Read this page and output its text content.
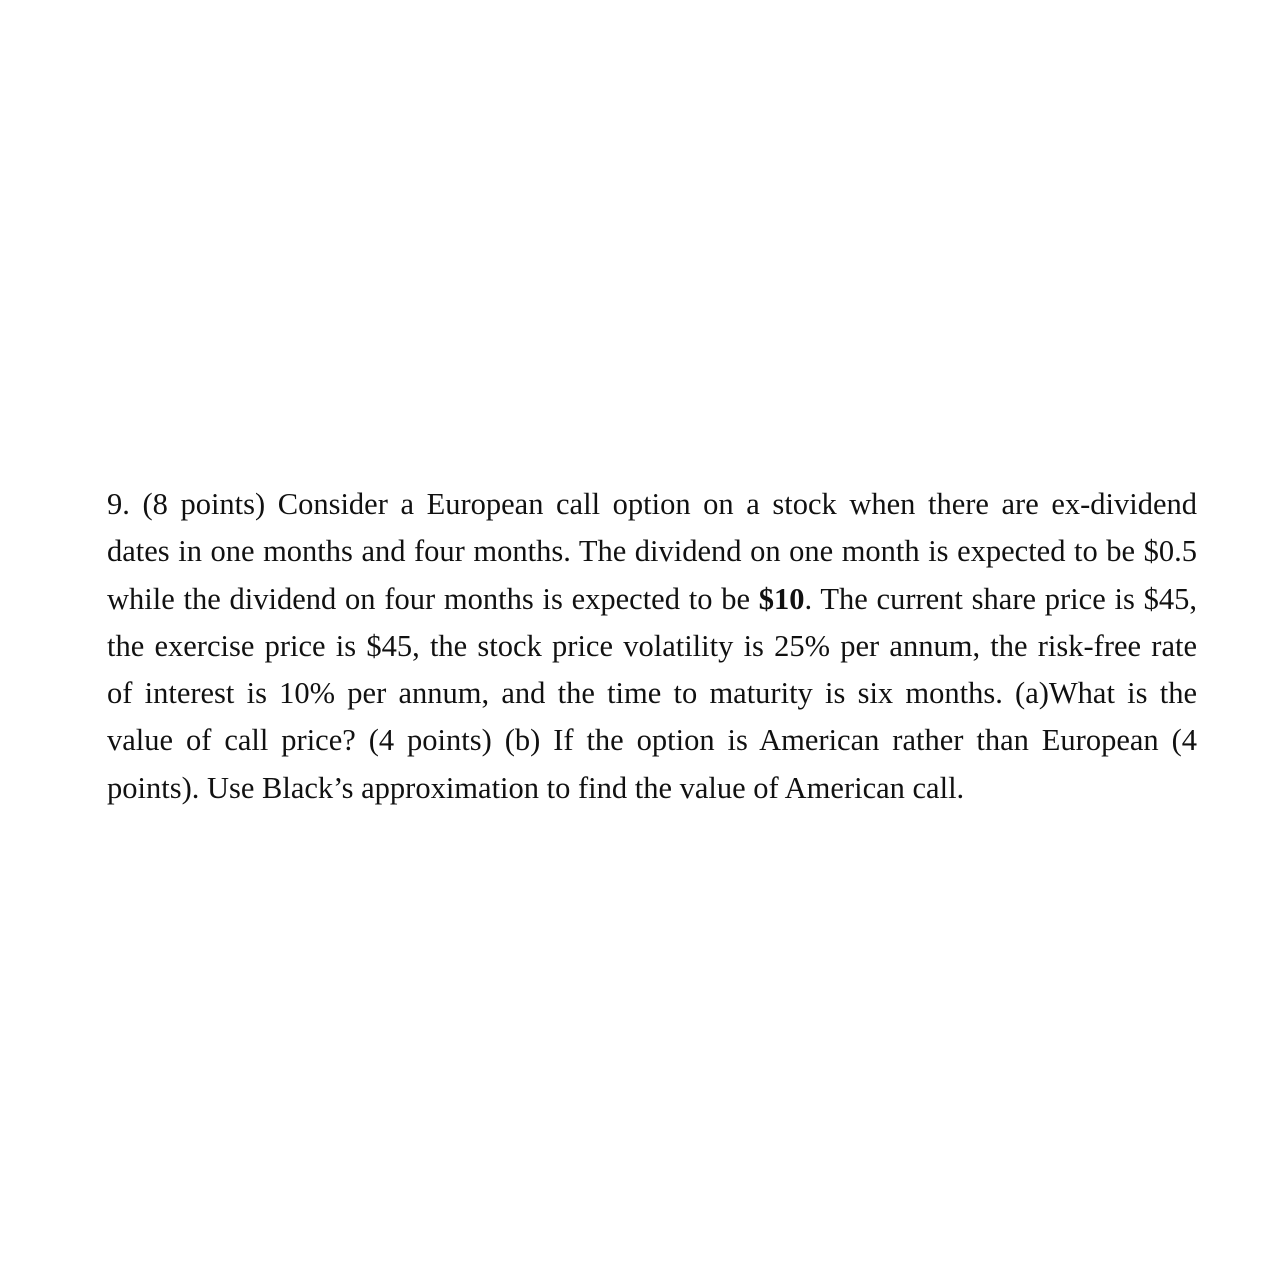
9. (8 points) Consider a European call option on a stock when there are ex-dividend
dates in one months and four months. The dividend on one month is expected to be $0.5
while the dividend on four months is expected to be $10. The current share price is $45,
the exercise price is $45, the stock price volatility is 25% per annum, the risk-free rate
of interest is 10% per annum, and the time to maturity is six months. (a)What is the
value of call price? (4 points) (b) If the option is American rather than European (4
points). Use Black’s approximation to find the value of American call.
